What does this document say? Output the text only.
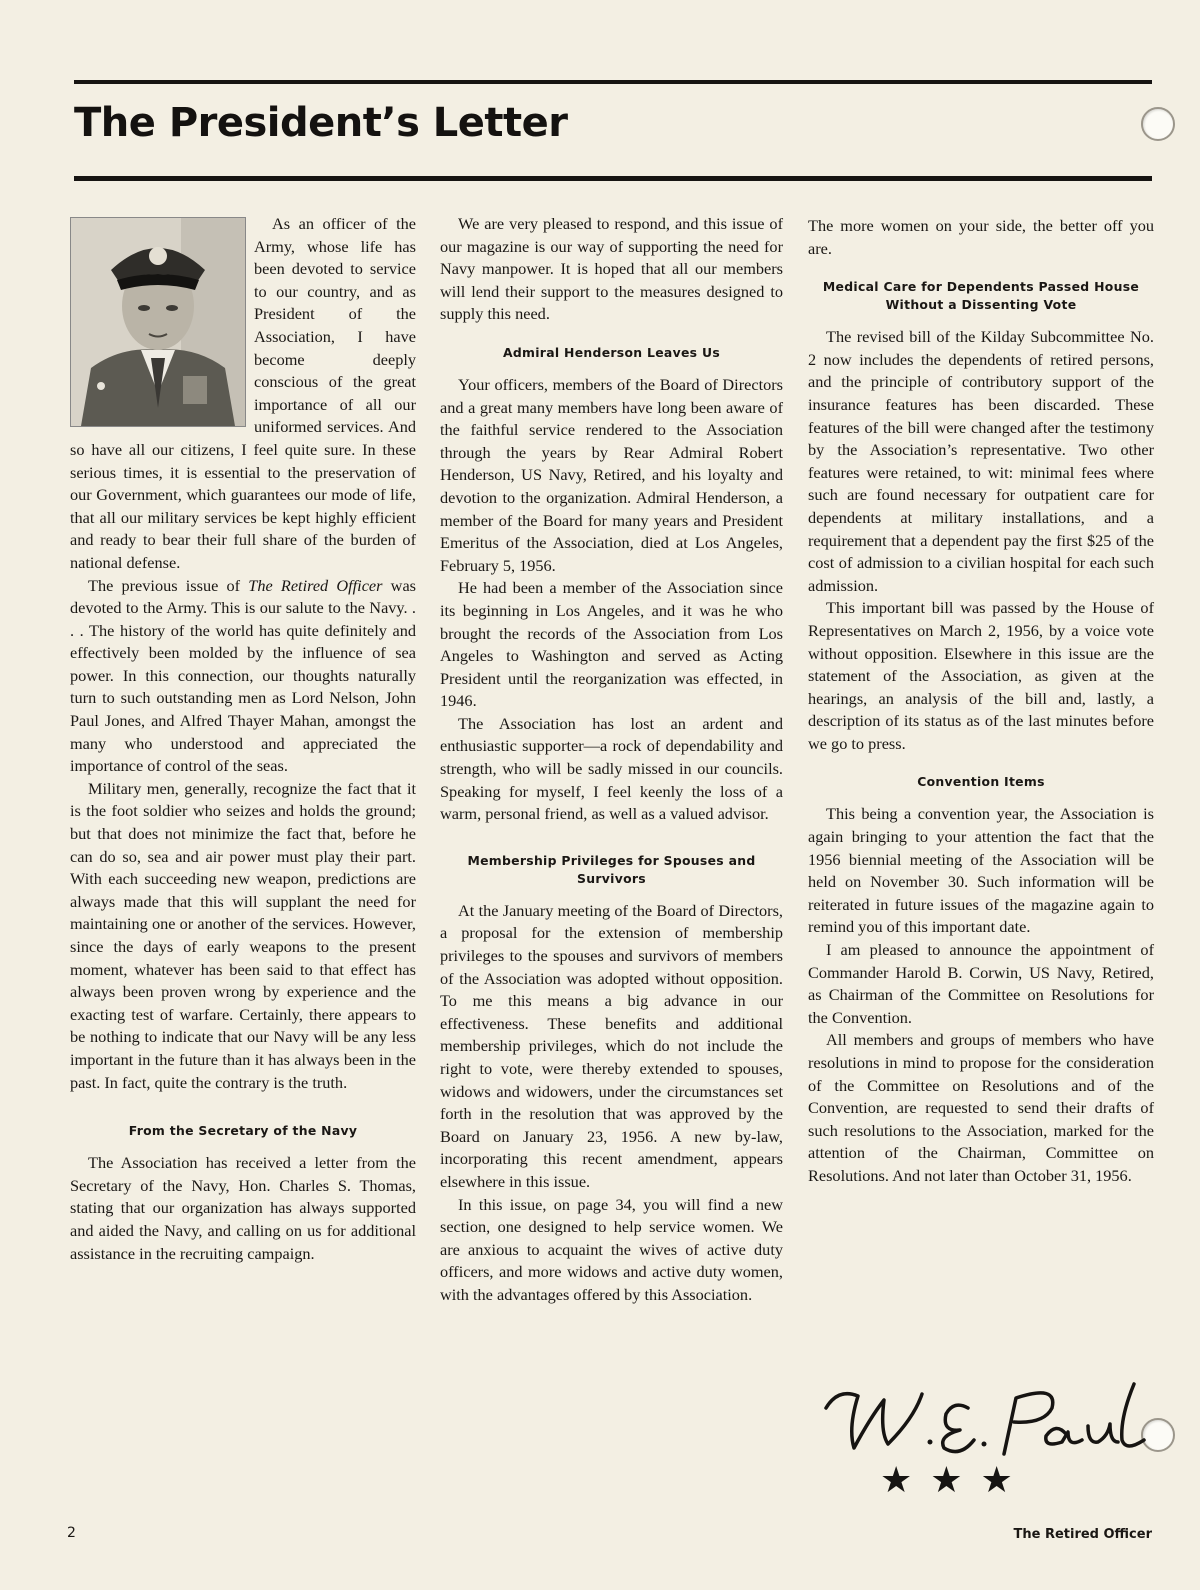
The President’s Letter

As an officer of the Army, whose life has been devoted to service to our country, and as President of the Association, I have become deeply conscious of the great importance of all our uniformed services. And so have all our citizens, I feel quite sure. In these serious times, it is essential to the preservation of our Government, which guarantees our mode of life, that all our military services be kept highly efficient and ready to bear their full share of the burden of national defense.

The previous issue of The Retired Officer was devoted to the Army. This is our salute to the Navy. . . . The history of the world has quite definitely and effectively been molded by the influence of sea power. In this connection, our thoughts naturally turn to such outstanding men as Lord Nelson, John Paul Jones, and Alfred Thayer Mahan, amongst the many who understood and appreciated the importance of control of the seas.

Military men, generally, recognize the fact that it is the foot soldier who seizes and holds the ground; but that does not minimize the fact that, before he can do so, sea and air power must play their part. With each succeeding new weapon, predictions are always made that this will supplant the need for maintaining one or another of the services. However, since the days of early weapons to the present moment, whatever has been said to that effect has always been proven wrong by experience and the exacting test of warfare. Certainly, there appears to be nothing to indicate that our Navy will be any less important in the future than it has always been in the past. In fact, quite the contrary is the truth.

From the Secretary of the Navy

The Association has received a letter from the Secretary of the Navy, Hon. Charles S. Thomas, stating that our organization has always supported and aided the Navy, and calling on us for additional assistance in the recruiting campaign.

We are very pleased to respond, and this issue of our magazine is our way of supporting the need for Navy manpower. It is hoped that all our members will lend their support to the measures designed to supply this need.

Admiral Henderson Leaves Us

Your officers, members of the Board of Directors and a great many members have long been aware of the faithful service rendered to the Association through the years by Rear Admiral Robert Henderson, US Navy, Retired, and his loyalty and devotion to the organization. Admiral Henderson, a member of the Board for many years and President Emeritus of the Association, died at Los Angeles, February 5, 1956.

He had been a member of the Association since its beginning in Los Angeles, and it was he who brought the records of the Association from Los Angeles to Washington and served as Acting President until the reorganization was effected, in 1946.

The Association has lost an ardent and enthusiastic supporter—a rock of dependability and strength, who will be sadly missed in our councils. Speaking for myself, I feel keenly the loss of a warm, personal friend, as well as a valued advisor.

Membership Privileges for Spouses and Survivors

At the January meeting of the Board of Directors, a proposal for the extension of membership privileges to the spouses and survivors of members of the Association was adopted without opposition. To me this means a big advance in our effectiveness. These benefits and additional membership privileges, which do not include the right to vote, were thereby extended to spouses, widows and widowers, under the circumstances set forth in the resolution that was approved by the Board on January 23, 1956. A new by-law, incorporating this recent amendment, appears elsewhere in this issue.

In this issue, on page 34, you will find a new section, one designed to help service women. We are anxious to acquaint the wives of active duty officers, and more widows and active duty women, with the advantages offered by this Association.

The more women on your side, the better off you are.

Medical Care for Dependents Passed House Without a Dissenting Vote

The revised bill of the Kilday Subcommittee No. 2 now includes the dependents of retired persons, and the principle of contributory support of the insurance features has been discarded. These features of the bill were changed after the testimony by the Association’s representative. Two other features were retained, to wit: minimal fees where such are found necessary for outpatient care for dependents at military installations, and a requirement that a dependent pay the first $25 of the cost of admission to a civilian hospital for each such admission.

This important bill was passed by the House of Representatives on March 2, 1956, by a voice vote without opposition. Elsewhere in this issue are the statement of the Association, as given at the hearings, an analysis of the bill and, lastly, a description of its status as of the last minutes before we go to press.

Convention Items

This being a convention year, the Association is again bringing to your attention the fact that the 1956 biennial meeting of the Association will be held on November 30. Such information will be reiterated in future issues of the magazine again to remind you of this important date.

I am pleased to announce the appointment of Commander Harold B. Corwin, US Navy, Retired, as Chairman of the Committee on Resolutions for the Convention.

All members and groups of members who have resolutions in mind to propose for the consideration of the Committee on Resolutions and of the Convention, are requested to send their drafts of such resolutions to the Association, marked for the attention of the Chairman, Committee on Resolutions. And not later than October 31, 1956.

★★★
2	The Retired Officer
